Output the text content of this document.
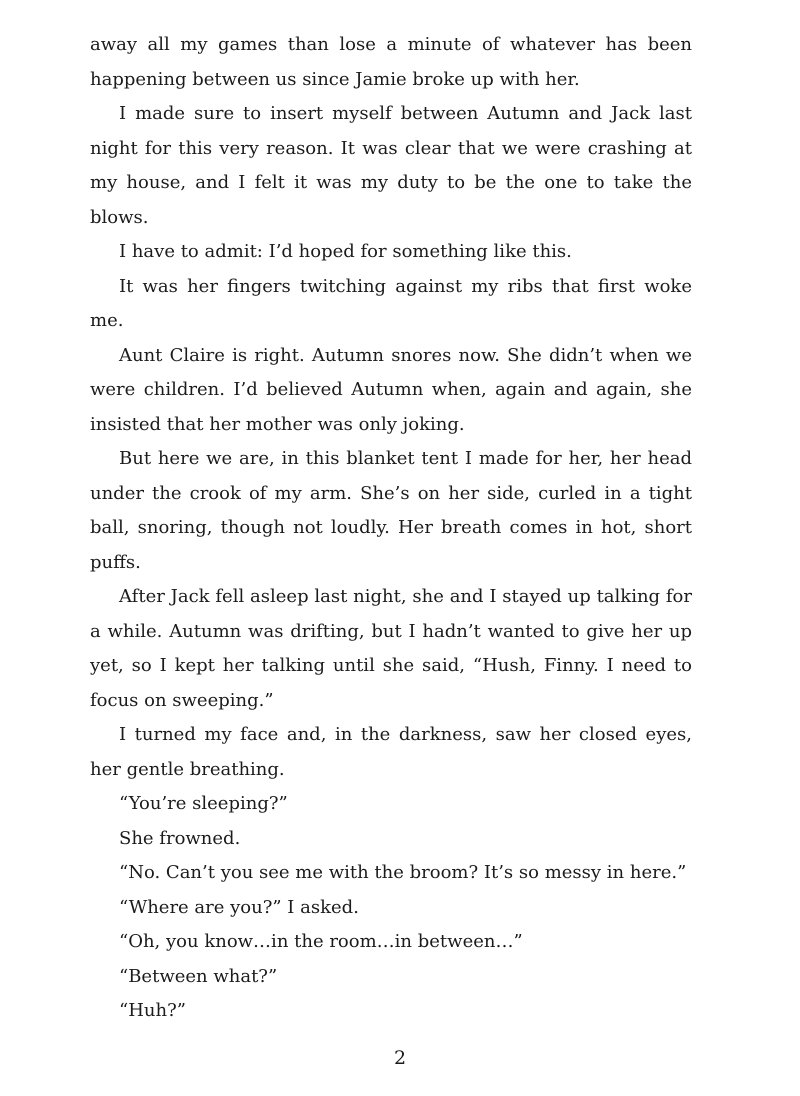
away all my games than lose a minute of whatever has been happening between us since Jamie broke up with her.

I made sure to insert myself between Autumn and Jack last night for this very reason. It was clear that we were crashing at my house, and I felt it was my duty to be the one to take the blows.

I have to admit: I’d hoped for something like this.

It was her fingers twitching against my ribs that first woke me.

Aunt Claire is right. Autumn snores now. She didn’t when we were children. I’d believed Autumn when, again and again, she insisted that her mother was only joking.

But here we are, in this blanket tent I made for her, her head under the crook of my arm. She’s on her side, curled in a tight ball, snoring, though not loudly. Her breath comes in hot, short puffs.

After Jack fell asleep last night, she and I stayed up talking for a while. Autumn was drifting, but I hadn’t wanted to give her up yet, so I kept her talking until she said, “Hush, Finny. I need to focus on sweeping.”

I turned my face and, in the darkness, saw her closed eyes, her gentle breathing.

“You’re sleeping?”

She frowned.

“No. Can’t you see me with the broom? It’s so messy in here.”

“Where are you?” I asked.

“Oh, you know…in the room…in between…”

“Between what?”

“Huh?”

2
